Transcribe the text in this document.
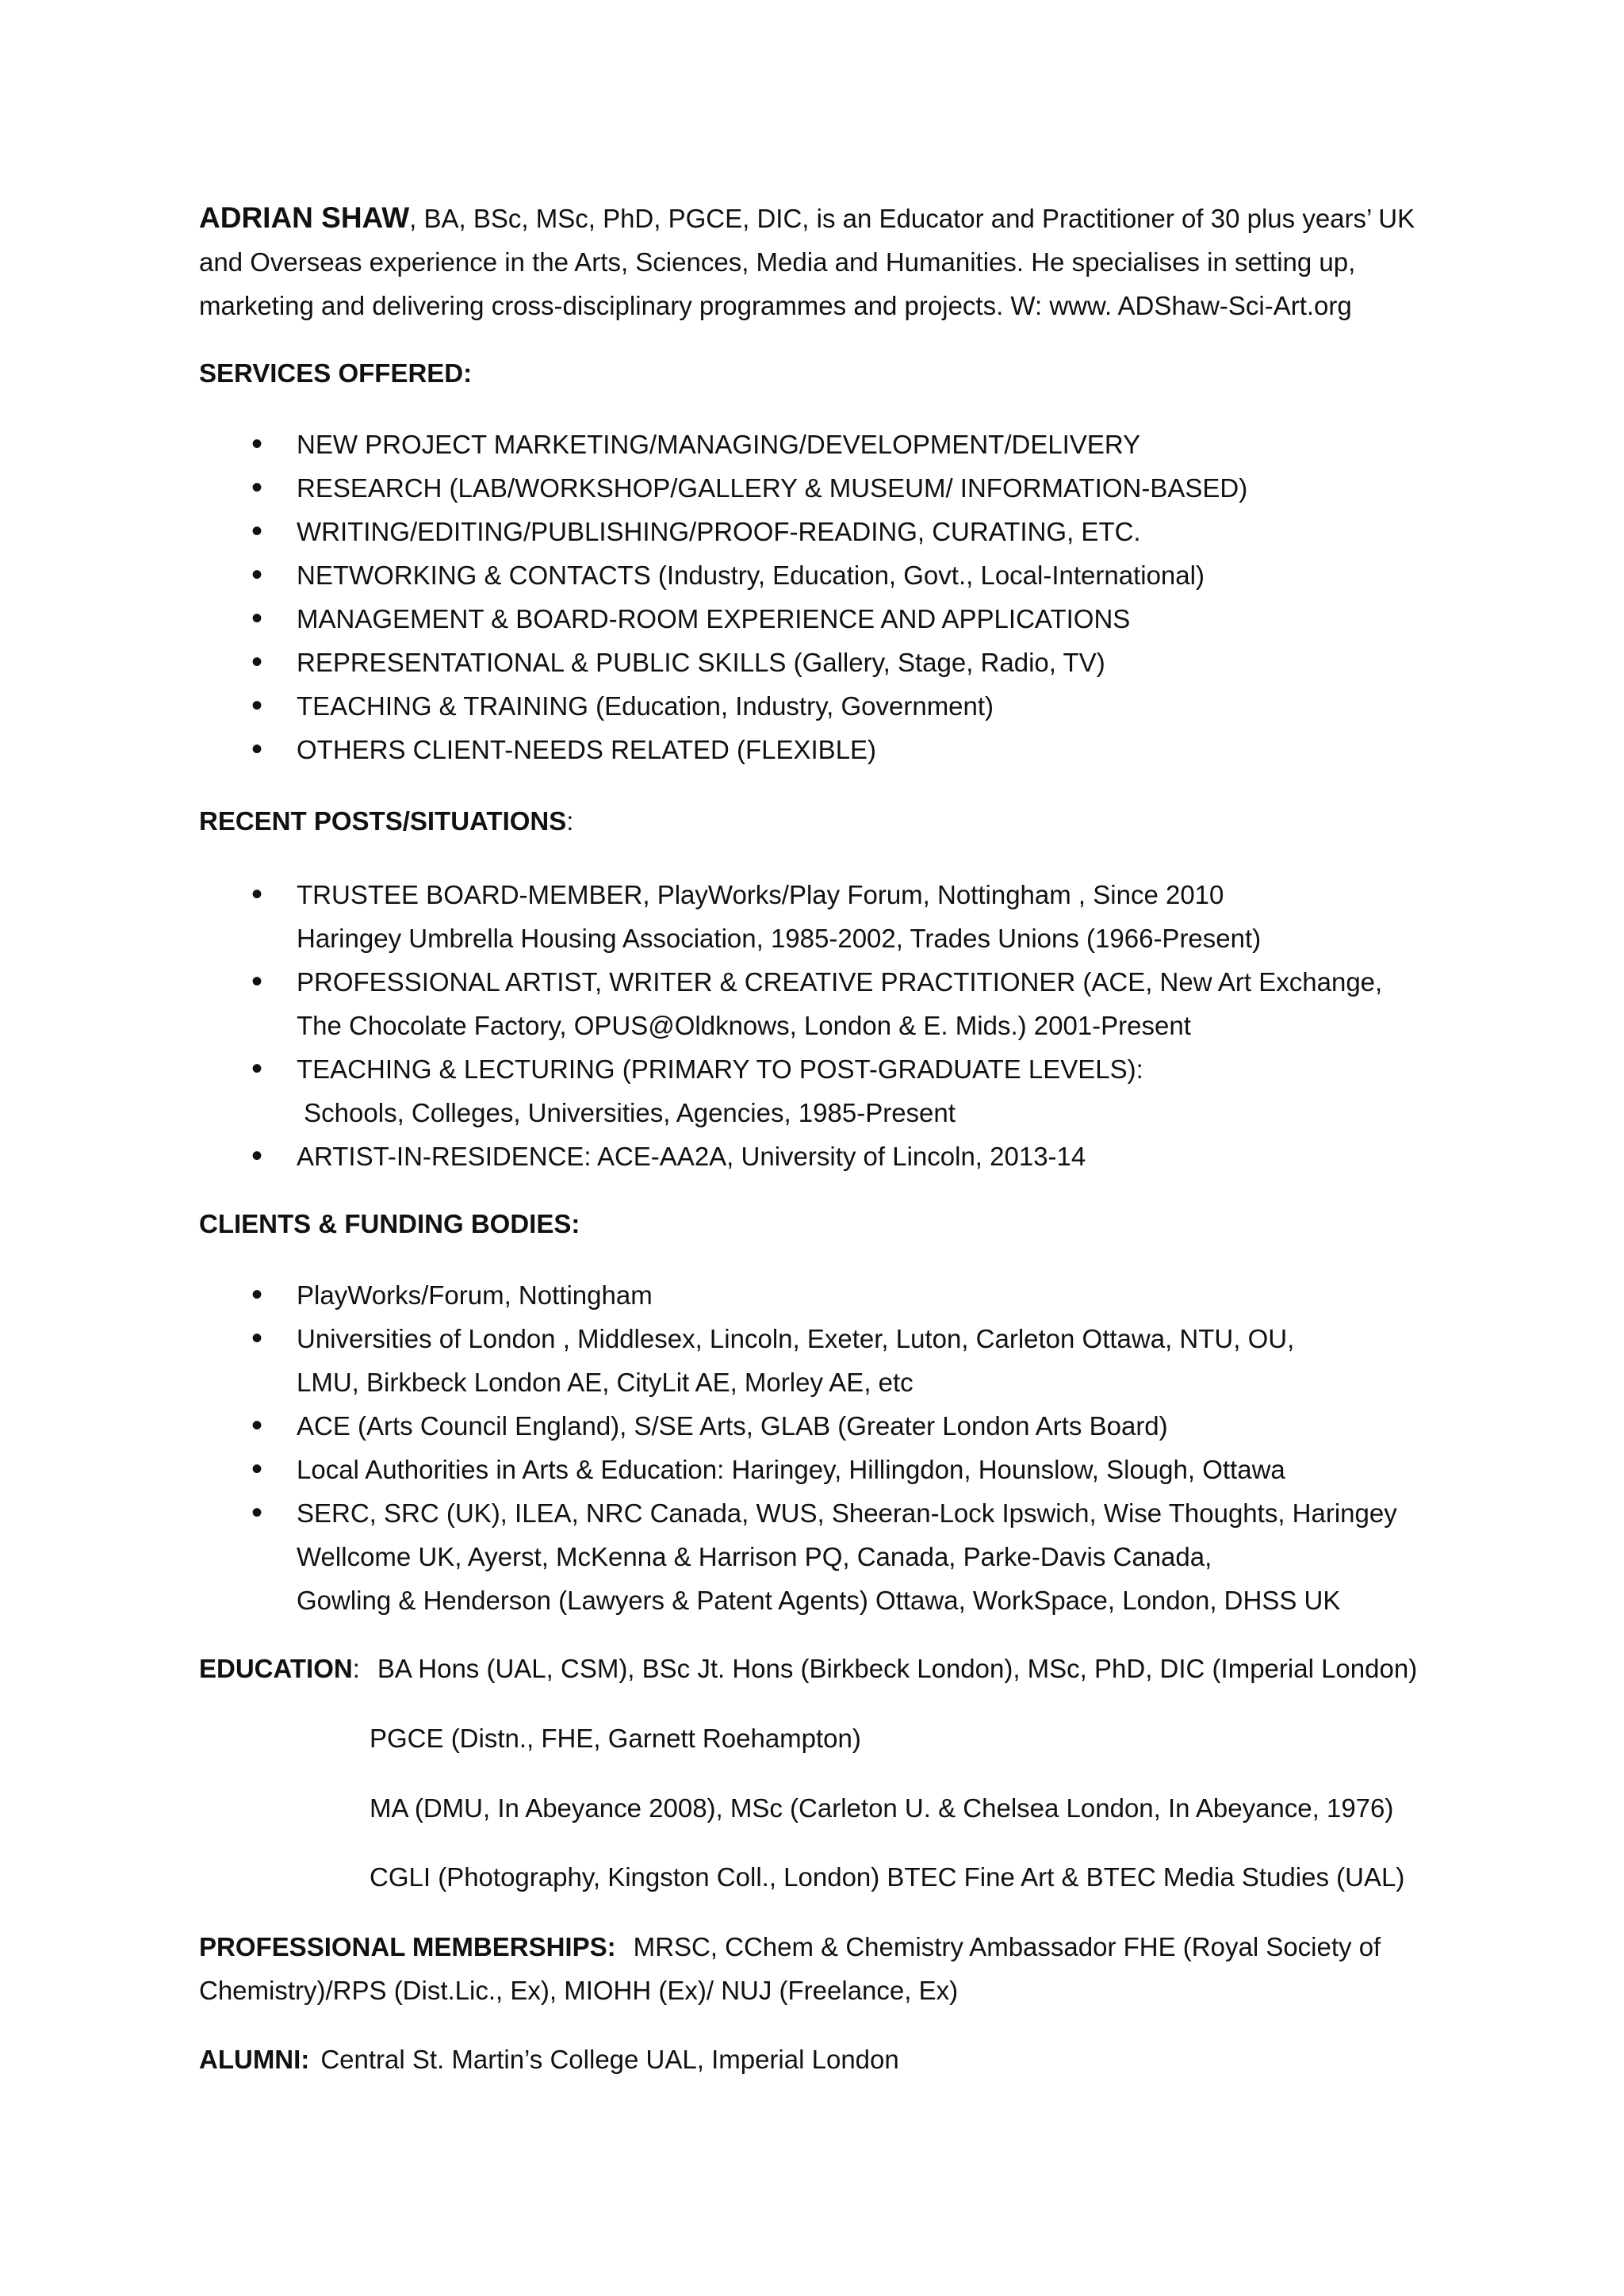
ADRIAN SHAW, BA, BSc, MSc, PhD, PGCE, DIC, is an Educator and Practitioner of 30 plus years’ UK
and Overseas experience in the Arts, Sciences, Media and Humanities. He specialises in setting up,
marketing and delivering cross-disciplinary programmes and projects. W: www. ADShaw-Sci-Art.org
SERVICES OFFERED:
• NEW PROJECT MARKETING/MANAGING/DEVELOPMENT/DELIVERY
• RESEARCH (LAB/WORKSHOP/GALLERY & MUSEUM/ INFORMATION-BASED)
• WRITING/EDITING/PUBLISHING/PROOF-READING, CURATING, ETC.
• NETWORKING & CONTACTS (Industry, Education, Govt., Local-International)
• MANAGEMENT & BOARD-ROOM EXPERIENCE AND APPLICATIONS
• REPRESENTATIONAL & PUBLIC SKILLS (Gallery, Stage, Radio, TV)
• TEACHING & TRAINING (Education, Industry, Government)
• OTHERS CLIENT-NEEDS RELATED (FLEXIBLE)
RECENT POSTS/SITUATIONS:
• TRUSTEE BOARD-MEMBER, PlayWorks/Play Forum, Nottingham , Since 2010
Haringey Umbrella Housing Association, 1985-2002, Trades Unions (1966-Present)
• PROFESSIONAL ARTIST, WRITER & CREATIVE PRACTITIONER (ACE, New Art Exchange,
The Chocolate Factory, OPUS@Oldknows, London & E. Mids.) 2001-Present
• TEACHING & LECTURING (PRIMARY TO POST-GRADUATE LEVELS):
Schools, Colleges, Universities, Agencies, 1985-Present
• ARTIST-IN-RESIDENCE: ACE-AA2A, University of Lincoln, 2013-14
CLIENTS & FUNDING BODIES:
• PlayWorks/Forum, Nottingham
• Universities of London , Middlesex, Lincoln, Exeter, Luton, Carleton Ottawa, NTU, OU,
LMU, Birkbeck London AE, CityLit AE, Morley AE, etc
• ACE (Arts Council England), S/SE Arts, GLAB (Greater London Arts Board)
• Local Authorities in Arts & Education: Haringey, Hillingdon, Hounslow, Slough, Ottawa
• SERC, SRC (UK), ILEA, NRC Canada, WUS, Sheeran-Lock Ipswich, Wise Thoughts, Haringey
Wellcome UK, Ayerst, McKenna & Harrison PQ, Canada, Parke-Davis Canada,
Gowling & Henderson (Lawyers & Patent Agents) Ottawa, WorkSpace, London, DHSS UK
EDUCATION: BA Hons (UAL, CSM), BSc Jt. Hons (Birkbeck London), MSc, PhD, DIC (Imperial London)
PGCE (Distn., FHE, Garnett Roehampton)
MA (DMU, In Abeyance 2008), MSc (Carleton U. & Chelsea London, In Abeyance, 1976)
CGLI (Photography, Kingston Coll., London) BTEC Fine Art & BTEC Media Studies (UAL)
PROFESSIONAL MEMBERSHIPS: MRSC, CChem & Chemistry Ambassador FHE (Royal Society of
Chemistry)/RPS (Dist.Lic., Ex), MIOHH (Ex)/ NUJ (Freelance, Ex)
ALUMNI: Central St. Martin’s College UAL, Imperial London
